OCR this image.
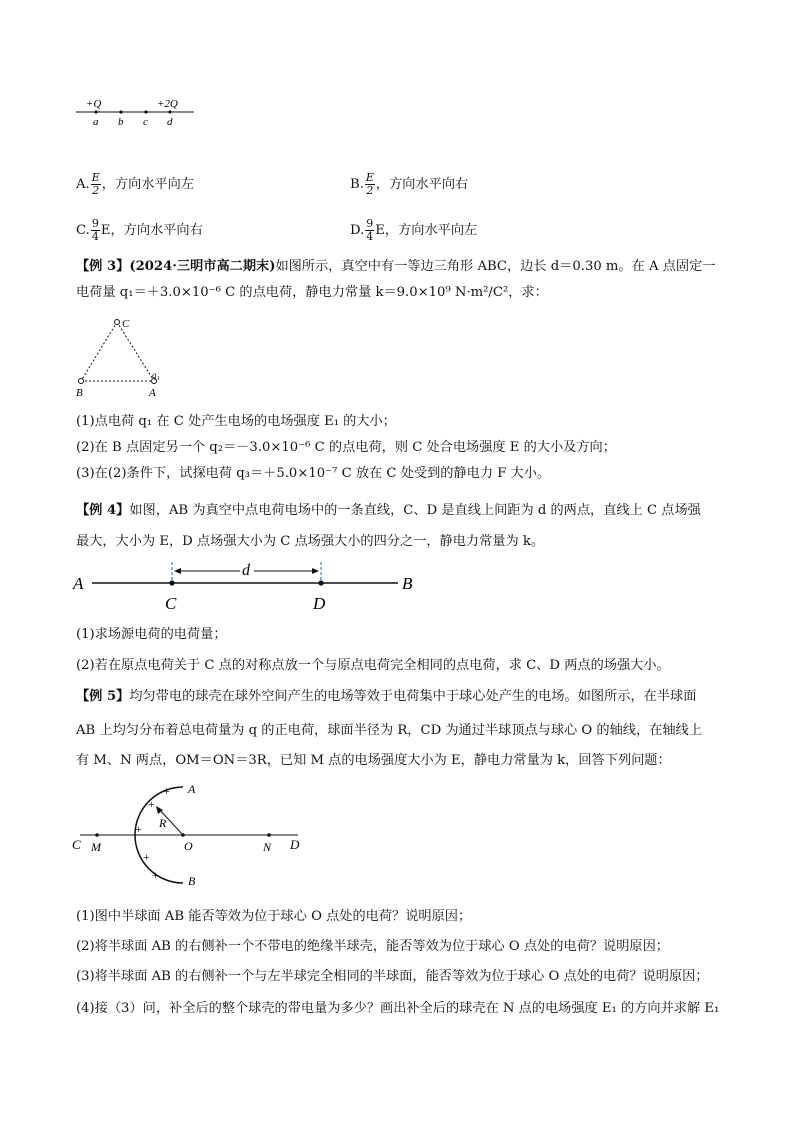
+Q	+2Q
a b c d
A. $\frac{E}{2}$ ，方向水平向左	B. $\frac{E}{2}$ ，方向水平向右
C. $\frac{9}{4}$ E，方向水平向右	D. $\frac{9}{4}$ E，方向水平向左
【例 3】(2024·三明市高二期末)如图所示，真空中有一等边三角形 ABC，边长 d＝0.30 m。在 A 点固定一
电荷量 q₁＝＋3.0×10⁻⁶ C 的点电荷，静电力常量 k＝9.0×10⁹ N·m²/C²，求：
C
B	A
q₁
(1)点电荷 q₁ 在 C 处产生电场的电场强度 E₁ 的大小；
(2)在 B 点固定另一个 q₂＝－3.0×10⁻⁶ C 的点电荷，则 C 处合电场强度 E 的大小及方向；
(3)在(2)条件下，试探电荷 q₃＝＋5.0×10⁻⁷ C 放在 C 处受到的静电力 F 大小。
【例 4】如图，AB 为真空中点电荷电场中的一条直线，C、D 是直线上间距为 d 的两点，直线上 C 点场强
最大，大小为 E，D 点场强大小为 C 点场强大小的四分之一，静电力常量为 k。
d
A	B
C	D
(1)求场源电荷的电荷量；
(2)若在原点电荷关于 C 点的对称点放一个与原点电荷完全相同的点电荷，求 C、D 两点的场强大小。
【例 5】均匀带电的球壳在球外空间产生的电场等效于电荷集中于球心处产生的电场。如图所示，在半球面
AB 上均匀分布着总电荷量为 q 的正电荷，球面半径为 R，CD 为通过半球顶点与球心 O 的轴线，在轴线上
有 M、N 两点，OM＝ON＝3R，已知 M 点的电场强度大小为 E，静电力常量为 k，回答下列问题：
A
B
C	D
M	O	N
R
+
+
+
+
+
(1)图中半球面 AB 能否等效为位于球心 O 点处的电荷？说明原因；
(2)将半球面 AB 的右侧补一个不带电的绝缘半球壳，能否等效为位于球心 O 点处的电荷？说明原因；
(3)将半球面 AB 的右侧补一个与左半球完全相同的半球面，能否等效为位于球心 O 点处的电荷？说明原因；
(4)接（3）问，补全后的整个球壳的带电量为多少？画出补全后的球壳在 N 点的电场强度 E₁ 的方向并求解 E₁
